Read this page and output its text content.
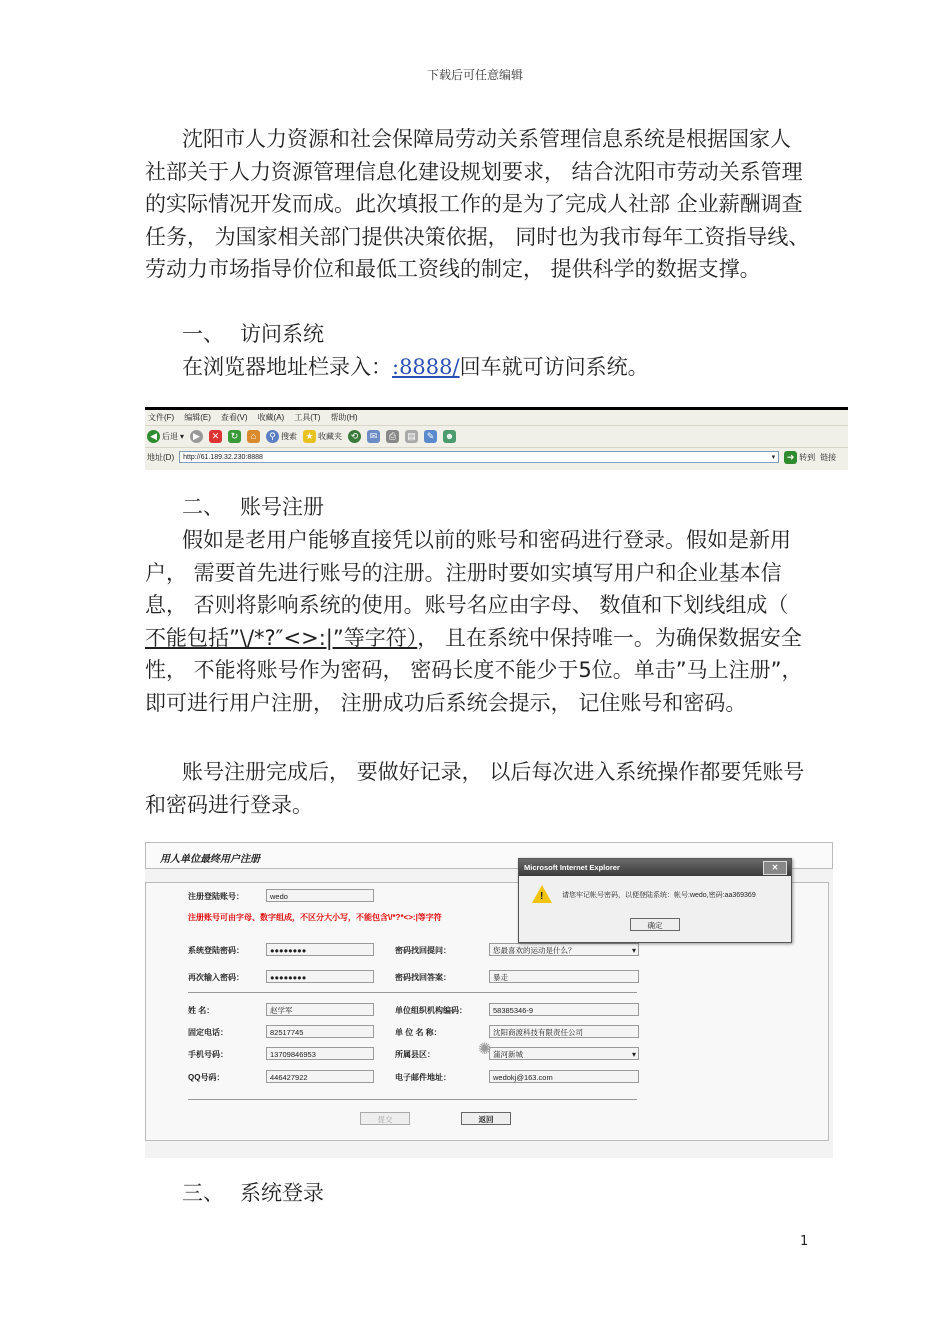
下载后可任意编辑

沈阳市人力资源和社会保障局劳动关系管理信息系统是根据国家人社部关于人力资源管理信息化建设规划要求， 结合沈阳市劳动关系管理的实际情况开发而成。此次填报工作的是为了完成人社部 企业薪酬调查任务， 为国家相关部门提供决策依据， 同时也为我市每年工资指导线、 劳动力市场指导价位和最低工资线的制定， 提供科学的数据支撑。

一、 访问系统
在浏览器地址栏录入：:8888/回车就可访问系统。
文件(F) 编辑(E) 查看(V) 收藏(A) 工具(T) 帮助(H)
◀ 后退 ▾	▶	✕	↻	⌂	⚲ 搜索 ★ 收藏夹 ⟲	✉	⎙	▤	✎	☻
地址(D) http://61.189.32.230:8888	▾	➜ 转到 链接
二、 账号注册

假如是老用户能够直接凭以前的账号和密码进行登录。假如是新用户， 需要首先进行账号的注册。注册时要如实填写用户和企业基本信息， 否则将影响系统的使用。账号名应由字母、 数值和下划线组成（ 不能包括”\/*?″<>:|”等字符）， 且在系统中保持唯一。为确保数据安全性， 不能将账号作为密码， 密码长度不能少于5位。单击”马上注册”， 即可进行用户注册， 注册成功后系统会提示， 记住账号和密码。

账号注册完成后， 要做好记录， 以后每次进入系统操作都要凭账号和密码进行登录。

用人单位最终用户注册
注册登陆账号：	wedo
注册账号可由字母、数字组成，不区分大小写，不能包含\/*?*<>:|等字符
系统登陆密码：	●●●●●●●●	密码找回提问：	您最喜欢的运动是什么？ ▾
再次输入密码：	●●●●●●●●	密码找回答案：	暴走
姓 名：	赵学军	单位组织机构编码：	58385346-9
固定电话：	82517745	单 位 名 称：	沈阳商渡科技有限责任公司
手机号码：	13709846953	所属县区：	蒲河新城 ▾
QQ号码：	446427922	电子邮件地址：	wedokj@163.com
提交	返回
✺
Microsoft Internet Explorer	✕
!	请您牢记帐号密码，以便登陆系统：帐号:wedo,密码:aa369369
确定
三、 系统登录
1
